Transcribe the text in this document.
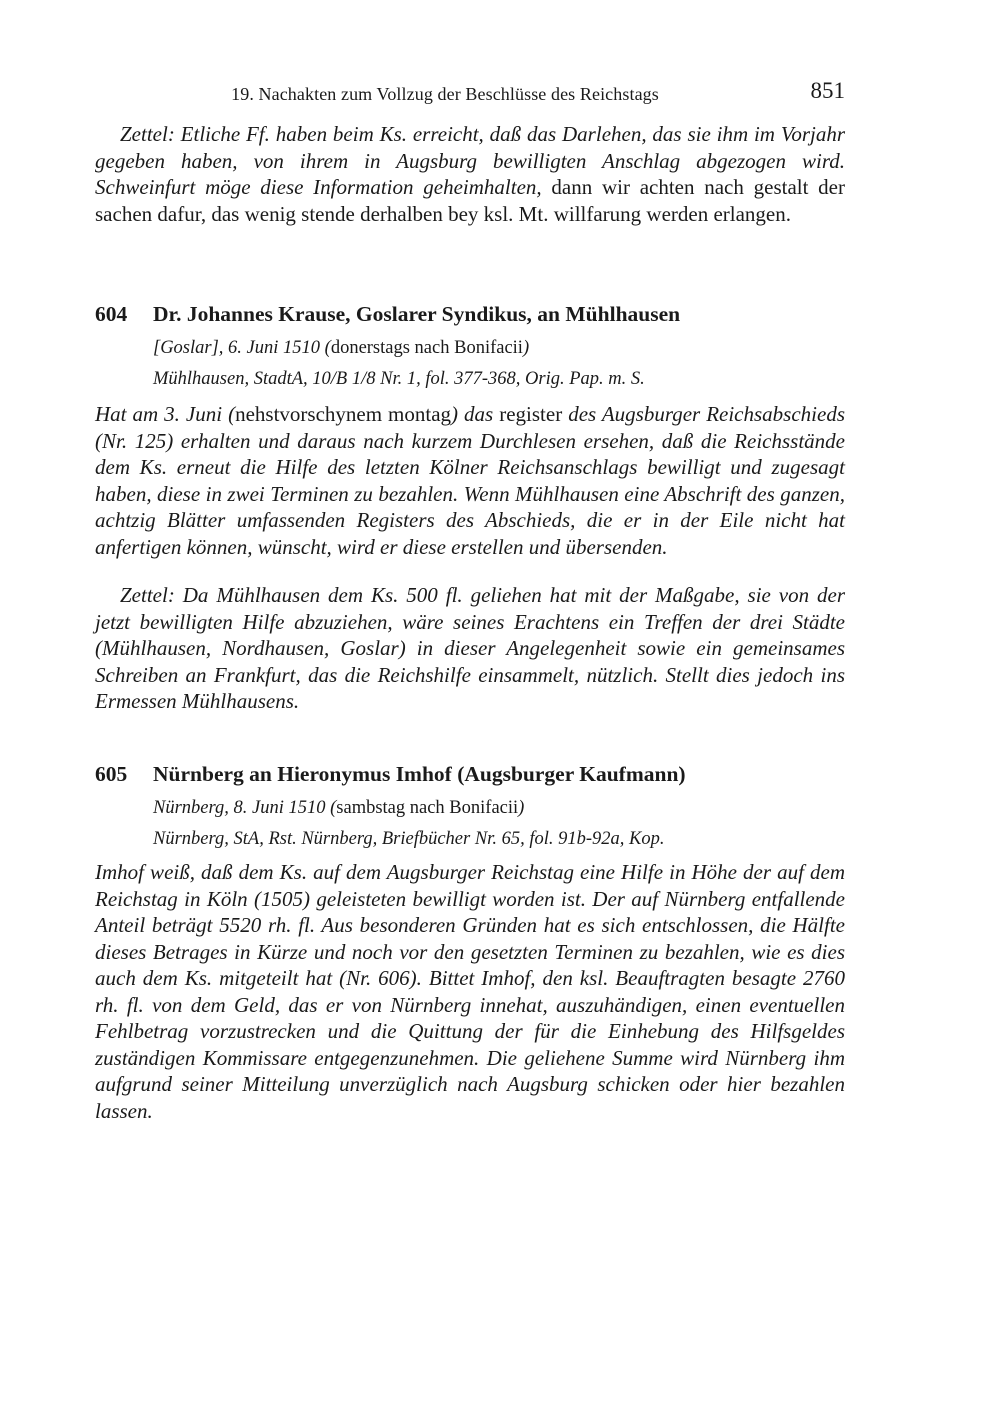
19. Nachakten zum Vollzug der Beschlüsse des Reichstags	851

Zettel: Etliche Ff. haben beim Ks. erreicht, daß das Darlehen, das sie ihm im Vorjahr gegeben haben, von ihrem in Augsburg bewilligten Anschlag abgezogen wird. Schweinfurt möge diese Information geheimhalten, dann wir achten nach gestalt der sachen dafur, das wenig stende derhalben bey ksl. Mt. willfarung werden erlangen.

604 Dr. Johannes Krause, Goslarer Syndikus, an Mühlhausen
[Goslar], 6. Juni 1510 (donerstags nach Bonifacii)
Mühlhausen, StadtA, 10/B 1/8 Nr. 1, fol. 377-368, Orig. Pap. m. S.

Hat am 3. Juni (nehstvorschynem montag) das register des Augsburger Reichsabschieds (Nr. 125) erhalten und daraus nach kurzem Durchlesen ersehen, daß die Reichsstände dem Ks. erneut die Hilfe des letzten Kölner Reichsanschlags bewilligt und zugesagt haben, diese in zwei Terminen zu bezahlen. Wenn Mühlhausen eine Abschrift des ganzen, achtzig Blätter umfassenden Registers des Abschieds, die er in der Eile nicht hat anfertigen können, wünscht, wird er diese erstellen und übersenden.

Zettel: Da Mühlhausen dem Ks. 500 fl. geliehen hat mit der Maßgabe, sie von der jetzt bewilligten Hilfe abzuziehen, wäre seines Erachtens ein Treffen der drei Städte (Mühlhausen, Nordhausen, Goslar) in dieser Angelegenheit sowie ein gemeinsames Schreiben an Frankfurt, das die Reichshilfe einsammelt, nützlich. Stellt dies jedoch ins Ermessen Mühlhausens.

605 Nürnberg an Hieronymus Imhof (Augsburger Kaufmann)
Nürnberg, 8. Juni 1510 (sambstag nach Bonifacii)
Nürnberg, StA, Rst. Nürnberg, Briefbücher Nr. 65, fol. 91b-92a, Kop.

Imhof weiß, daß dem Ks. auf dem Augsburger Reichstag eine Hilfe in Höhe der auf dem Reichstag in Köln (1505) geleisteten bewilligt worden ist. Der auf Nürnberg entfallende Anteil beträgt 5520 rh. fl. Aus besonderen Gründen hat es sich entschlossen, die Hälfte dieses Betrages in Kürze und noch vor den gesetzten Terminen zu bezahlen, wie es dies auch dem Ks. mitgeteilt hat (Nr. 606). Bittet Imhof, den ksl. Beauftragten besagte 2760 rh. fl. von dem Geld, das er von Nürnberg innehat, auszuhändigen, einen eventuellen Fehlbetrag vorzustrecken und die Quittung der für die Einhebung des Hilfsgeldes zuständigen Kommissare entgegenzunehmen. Die geliehene Summe wird Nürnberg ihm aufgrund seiner Mitteilung unverzüglich nach Augsburg schicken oder hier bezahlen lassen.
